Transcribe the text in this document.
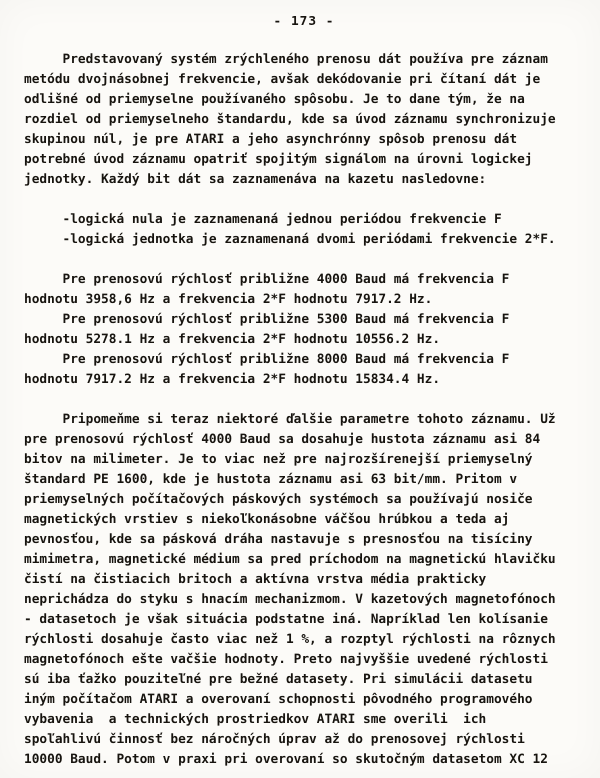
- 173 -
Predstavovaný systém zrýchleného prenosu dát používa pre záznam
metódu dvojnásobnej frekvencie, avšak dekódovanie pri čítaní dát je
odlišné od priemyselne používaného spôsobu. Je to dane tým, že na
rozdiel od priemyselneho štandardu, kde sa úvod záznamu synchronizuje
skupinou núl, je pre ATARI a jeho asynchrónny spôsob prenosu dát
potrebné úvod záznamu opatriť spojitým signálom na úrovni logickej
jednotky. Každý bit dát sa zaznamenáva na kazetu nasledovne:
-logická nula je zaznamenaná jednou periódou frekvencie F
-logická jednotka je zaznamenaná dvomi periódami frekvencie 2*F.
Pre prenosovú rýchlosť približne 4000 Baud má frekvencia F
hodnotu 3958,6 Hz a frekvencia 2*F hodnotu 7917.2 Hz.
Pre prenosovú rýchlosť približne 5300 Baud má frekvencia F
hodnotu 5278.1 Hz a frekvencia 2*F hodnotu 10556.2 Hz.
Pre prenosovú rýchlosť približne 8000 Baud má frekvencia F
hodnotu 7917.2 Hz a frekvencia 2*F hodnotu 15834.4 Hz.
Pripomeňme si teraz niektoré ďalšie parametre tohoto záznamu. Už
pre prenosovú rýchlosť 4000 Baud sa dosahuje hustota záznamu asi 84
bitov na milimeter. Je to viac než pre najrozšírenejší priemyselný
štandard PE 1600, kde je hustota záznamu asi 63 bit/mm. Pritom v
priemyselných počítačových páskových systémoch sa používajú nosiče
magnetických vrstiev s niekoľkonásobne váčšou hrúbkou a teda aj
pevnosťou, kde sa pásková dráha nastavuje s presnosťou na tisíciny
mimimetra, magnetické médium sa pred príchodom na magnetickú hlavičku
čistí na čistiacich britoch a aktívna vrstva média prakticky
neprichádza do styku s hnacím mechanizmom. V kazetových magnetofónoch
- datasetoch je však situácia podstatne iná. Napríklad len kolísanie
rýchlosti dosahuje často viac než 1 %, a rozptyl rýchlosti na rôznych
magnetofónoch ešte vačšie hodnoty. Preto najvyššie uvedené rýchlosti
sú iba ťažko pouziteľné pre bežné datasety. Pri simulácii datasetu
iným počítačom ATARI a overovaní schopnosti pôvodného programového
vybavenia  a technických prostriedkov ATARI sme overili  ich
spoľahlivú činnosť bez náročných úprav až do prenosovej rýchlosti
10000 Baud. Potom v praxi pri overovaní so skutočným datasetom XC 12
